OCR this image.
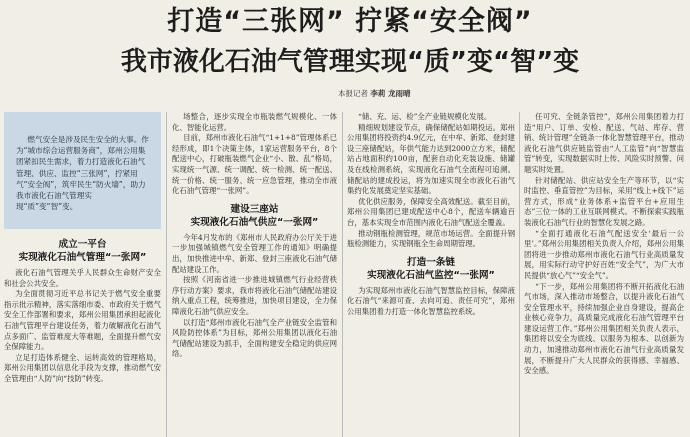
打造“三张网” 拧紧“安全阀”
我市液化石油气管理实现“质”变“智”变
本报记者 李莉 龙雨晴

燃气安全是涉及民生安全的大事。作为“城市综合运营服务商”，郑州公用集团紧扣民生需求，着力打造液化石油气管理、供应、监控“三张网”，拧紧用气“安全阀”，筑牢民生“防火墙”，助力我市液化石油气管理实现“质”变“智”变。

成立一平台
实现液化石油气管理“一张网”

液化石油气管理关乎人民群众生命财产安全和社会公共安全。

为全面贯彻习近平总书记关于燃气安全重要指示批示精神，落实落细市委、市政府关于燃气安全工作部署和要求，郑州公用集团承担起液化石油气管理平台建设任务，着力破解液化石油气点多面广、监管难度大等难题，全面提升燃气安全保障能力。

立足打造体系健全、运转高效的管理格局，郑州公用集团以信息化手段为支撑，推动燃气安全管理由“人防”向“技防”转变。

场整合，逐步实现全市瓶装燃气规模化、一体化、智能化运营。

目前，郑州市液化石油气“1+1+8”管理体系已经形成，即1个决策主体，1家运营服务平台，8个配送中心，打破瓶装燃气企业“小、散、乱”格局，实现统一气源、统一调配、统一检测、统一配送、统一价格、统一服务、统一应急管理，推动全市液化石油气管理“一张网”。

建设三座站
实现液化石油气供应“一张网”

今年4月发布的《郑州市人民政府办公厅关于进一步加强城镇燃气安全管理工作的通知》明确提出，加快推进中牟、新郑、登封三座液化石油气储配站建设工作。

按照《河南省进一步推进城镇燃气行业经营秩序行动方案》要求，我市将液化石油气储配站建设纳入重点工程，统筹推进，加快项目建设，全力保障液化石油气供应安全。

以打造“郑州市液化石油气全产业链安全监管和风险防控体系”为目标，郑州公用集团以液化石油气储配站建设为抓手，全面构建安全稳定的供应网络。

“储、充、运、检”全产业链规模化发展。

精细规划建设节点，确保储配站如期投运。郑州公用集团将投资约4.9亿元，在中牟、新郑、登封建设三座储配站，年供气能力达到2000立方米，储配站占地面积约100亩，配套自动化充装设施、储罐及在线检测系统，实现液化石油气全流程可追溯。储配站的建成投运，将为加速实现全市液化石油气集约化发展奠定坚实基础。

优化供应服务，保障安全高效配送。截至目前，郑州公用集团已建成配送中心8个，配送车辆逾百台，基本实现全市范围内液化石油气配送全覆盖。

推动钢瓶检测管理，规范市场运营。全面提升钢瓶检测能力，实现钢瓶全生命周期管理。

打造一条链
实现液化石油气监控“一张网”

为实现郑州市液化石油气智慧监控目标，保障液化石油气“来源可查、去向可追、责任可究”，郑州公用集团着力打造一体化智慧监控系统。

任可究、全链条管控”，郑州公用集团着力打造“用户、订单、安检、配送、气站、库存、营销、统计管理”全链条一体化智慧管理平台，推动液化石油气供应链监管由“人工监管”向“智慧监管”转变，实现数据实时上传、风险实时预警、问题实时处置。

针对储配站、供应站安全生产等环节，以“实时监控、垂直管控”为目标，采用“线上+线下”运营方式，形成“业务体系+监管平台+应用生态”三位一体的工业互联网模式。不断探索实践瓶装液化石油气行业的智慧化发展之路。

“全面打通液化石油气配送安全‘最后一公里’。”郑州公用集团相关负责人介绍，郑州公用集团将进一步推动郑州市液化石油气行业高质量发展，用实际行动守护好百姓“安全气”，为广大市民提供“放心气”“安全气”。

“下一步，郑州公用集团将不断开拓液化石油气市场，深入推动市场整合，以提升液化石油气安全管理水平，持续加强企业自身建设，提高企业核心竞争力，高质量完成液化石油气管理平台建设运营工作。”郑州公用集团相关负责人表示，集团将以安全为底线、以服务为根本、以创新为动力，加速推动郑州市液化石油气行业高质量发展，不断提升广大人民群众的获得感、幸福感、安全感。
